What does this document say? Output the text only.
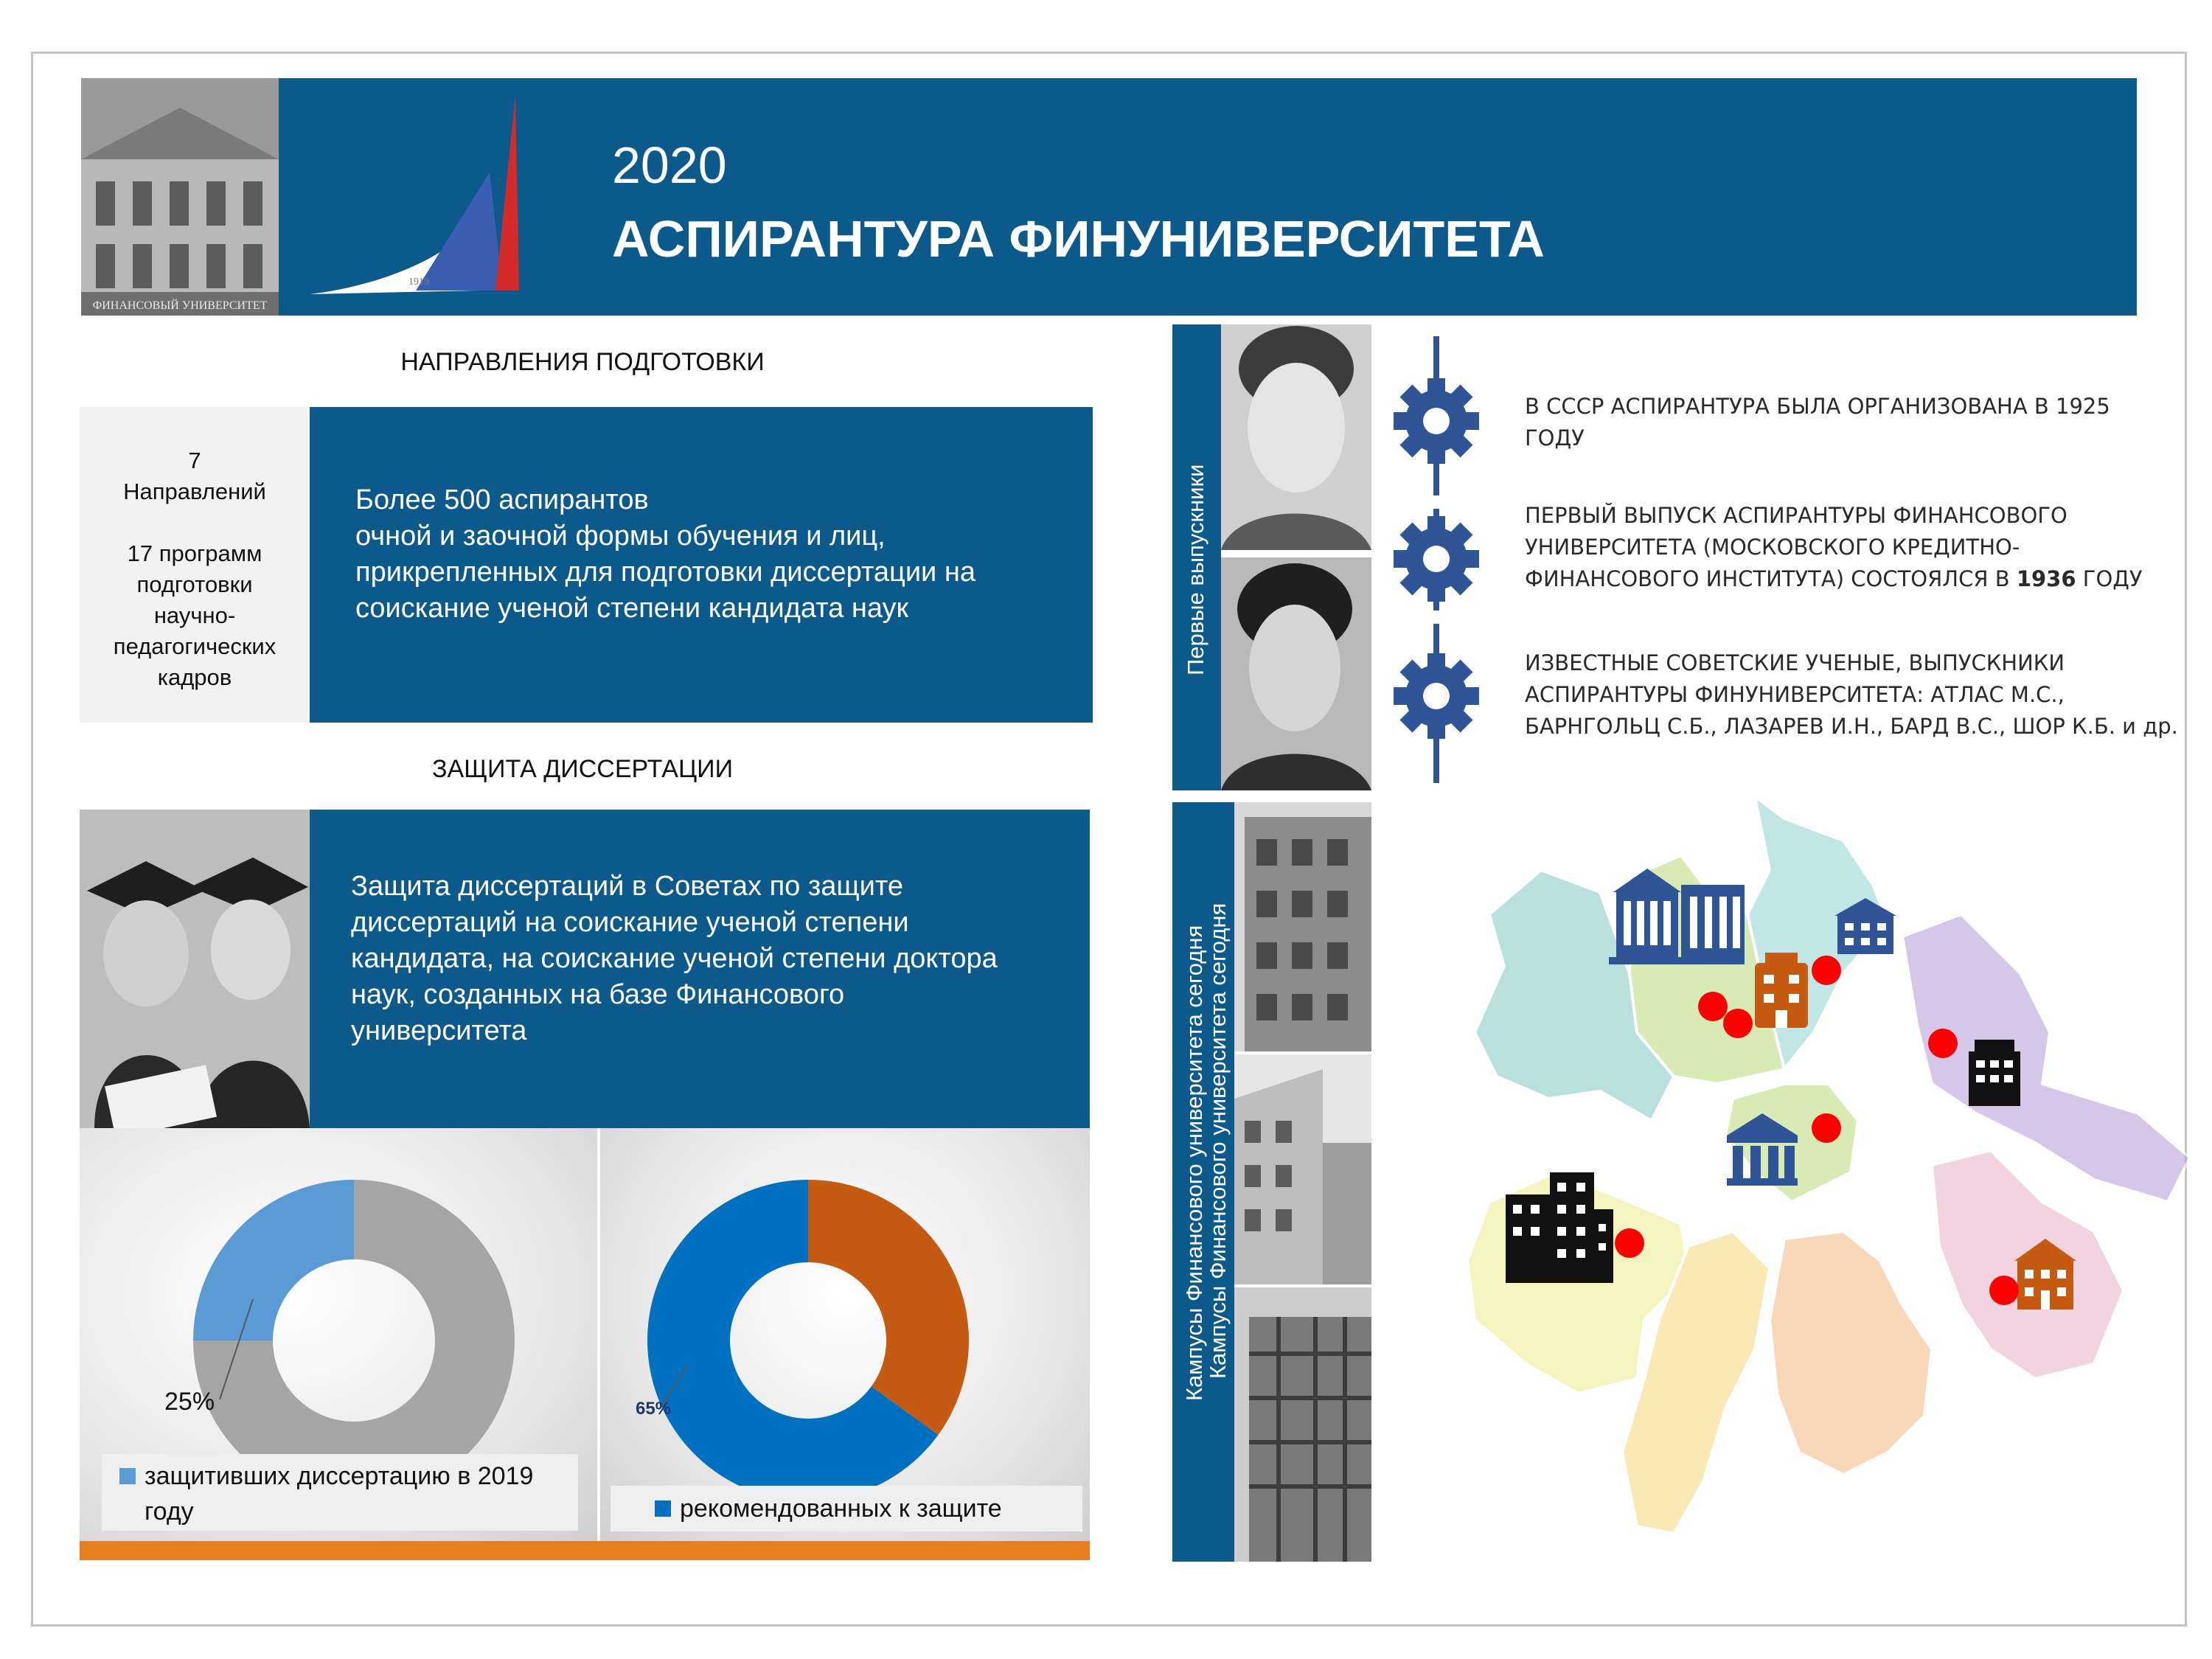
ФИНАНСОВЫЙ УНИВЕРСИТЕТ
1919
2020
АСПИРАНТУРА ФИНУНИВЕРСИТЕТА
НАПРАВЛЕНИЯ ПОДГОТОВКИ
7
Направлений
17 программ
подготовки
научно-
педагогических
кадров
Более 500 аспирантов
очной и заочной формы обучения и лиц,
прикрепленных для подготовки диссертации на
соискание ученой степени кандидата наук
ЗАЩИТА ДИССЕРТАЦИИ
Защита диссертаций в Советах по защите
диссертаций на соискание ученой степени
кандидата, на соискание ученой степени доктора
наук, созданных на базе Финансового
университета
25%
защитивших диссертацию в 2019
году
65%
рекомендованных к защите
Первые выпускники
Кампусы Финансового университета сегодня
Кампусы Финансового университета сегодня
В СССР АСПИРАНТУРА БЫЛА ОРГАНИЗОВАНА В 1925
ГОДУ
ПЕРВЫЙ ВЫПУСК АСПИРАНТУРЫ ФИНАНСОВОГО
УНИВЕРСИТЕТА (МОСКОВСКОГО КРЕДИТНО-
ФИНАНСОВОГО ИНСТИТУТА) СОСТОЯЛСЯ В 1936 ГОДУ
ИЗВЕСТНЫЕ СОВЕТСКИЕ УЧЕНЫЕ, ВЫПУСКНИКИ
АСПИРАНТУРЫ ФИНУНИВЕРСИТЕТА: АТЛАС М.С.,
БАРНГОЛЬЦ С.Б., ЛАЗАРЕВ И.Н., БАРД В.С., ШОР К.Б. и др.
